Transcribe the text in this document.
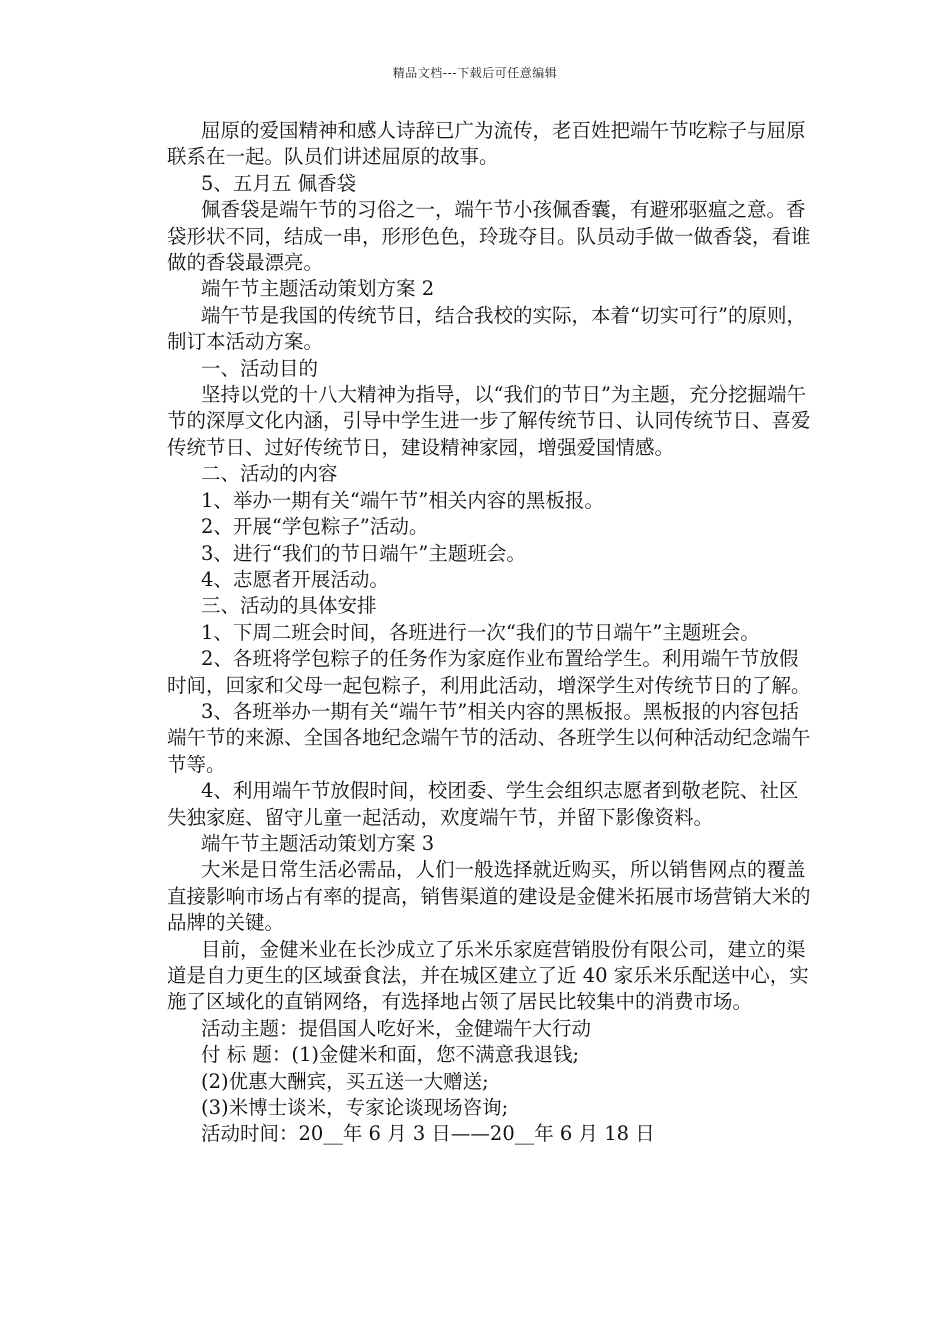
精品文档---下载后可任意编辑

屈原的爱国精神和感人诗辞已广为流传，老百姓把端午节吃粽子与屈原联系在一起。队员们讲述屈原的故事。

5、五月五 佩香袋

佩香袋是端午节的习俗之一，端午节小孩佩香囊，有避邪驱瘟之意。香袋形状不同，结成一串，形形色色，玲珑夺目。队员动手做一做香袋，看谁做的香袋最漂亮。

端午节主题活动策划方案 2

端午节是我国的传统节日，结合我校的实际，本着“切实可行”的原则，制订本活动方案。

一、活动目的

坚持以党的十八大精神为指导，以“我们的节日”为主题，充分挖掘端午节的深厚文化内涵，引导中学生进一步了解传统节日、认同传统节日、喜爱传统节日、过好传统节日，建设精神家园，增强爱国情感。

二、活动的内容

1、举办一期有关“端午节”相关内容的黑板报。

2、开展“学包粽子”活动。

3、进行“我们的节日端午”主题班会。

4、志愿者开展活动。

三、活动的具体安排

1、下周二班会时间，各班进行一次“我们的节日端午”主题班会。

2、各班将学包粽子的任务作为家庭作业布置给学生。利用端午节放假时间，回家和父母一起包粽子，利用此活动，增深学生对传统节日的了解。

3、各班举办一期有关“端午节”相关内容的黑板报。黑板报的内容包括端午节的来源、全国各地纪念端午节的活动、各班学生以何种活动纪念端午节等。

4、利用端午节放假时间，校团委、学生会组织志愿者到敬老院、社区失独家庭、留守儿童一起活动，欢度端午节，并留下影像资料。

端午节主题活动策划方案 3

大米是日常生活必需品，人们一般选择就近购买，所以销售网点的覆盖直接影响市场占有率的提高，销售渠道的建设是金健米拓展市场营销大米的品牌的关键。

目前，金健米业在长沙成立了乐米乐家庭营销股份有限公司，建立的渠道是自力更生的区域蚕食法，并在城区建立了近 40 家乐米乐配送中心，实施了区域化的直销网络，有选择地占领了居民比较集中的消费市场。

活动主题：提倡国人吃好米，金健端午大行动

付 标 题：(1)金健米和面，您不满意我退钱;

(2)优惠大酬宾，买五送一大赠送;

(3)米博士谈米，专家论谈现场咨询;

活动时间：20__年 6 月 3 日——20__年 6 月 18 日
